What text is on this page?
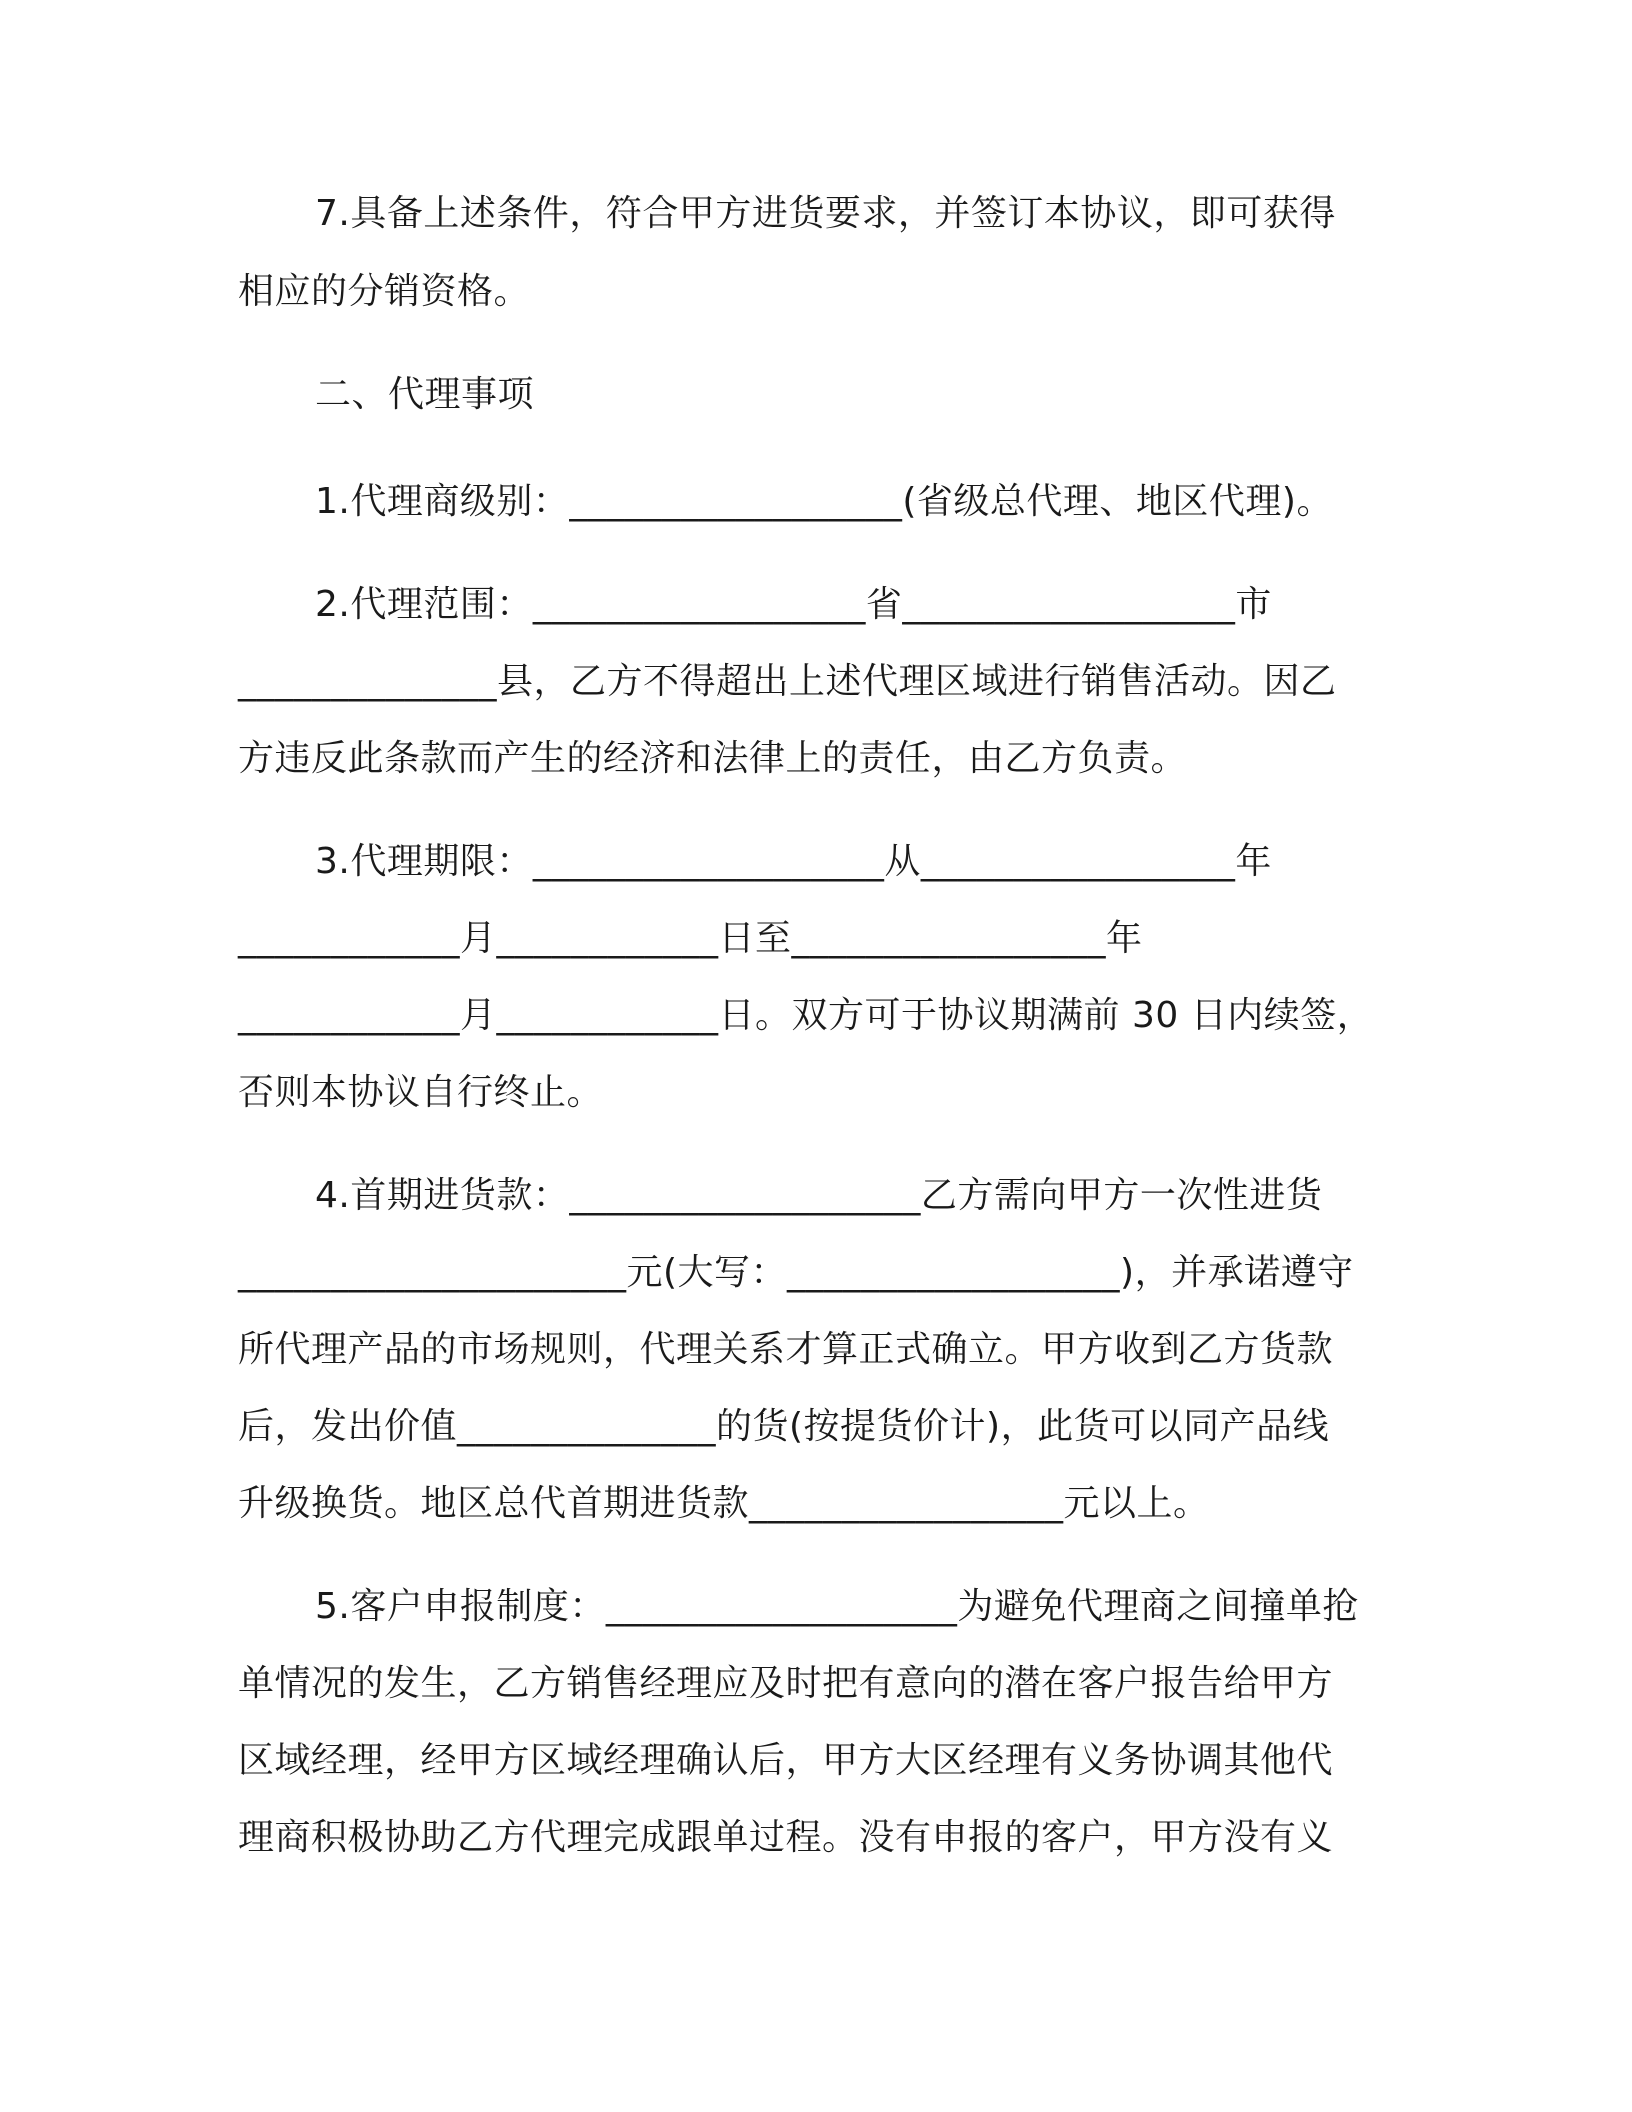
7.具备上述条件，符合甲方进货要求，并签订本协议，即可获得
相应的分销资格。
二、代理事项
1.代理商级别：__________________(省级总代理、地区代理)。
2.代理范围：__________________省__________________市
______________县，乙方不得超出上述代理区域进行销售活动。因乙
方违反此条款而产生的经济和法律上的责任，由乙方负责。
3.代理期限：___________________从_________________年
____________月____________日至_________________年
____________月____________日。双方可于协议期满前 30 日内续签，
否则本协议自行终止。
4.首期进货款：___________________乙方需向甲方一次性进货
_____________________元(大写：__________________)，并承诺遵守
所代理产品的市场规则，代理关系才算正式确立。甲方收到乙方货款
后，发出价值______________的货(按提货价计)，此货可以同产品线
升级换货。地区总代首期进货款_________________元以上。
5.客户申报制度：___________________为避免代理商之间撞单抢
单情况的发生，乙方销售经理应及时把有意向的潜在客户报告给甲方
区域经理，经甲方区域经理确认后，甲方大区经理有义务协调其他代
理商积极协助乙方代理完成跟单过程。没有申报的客户，甲方没有义
